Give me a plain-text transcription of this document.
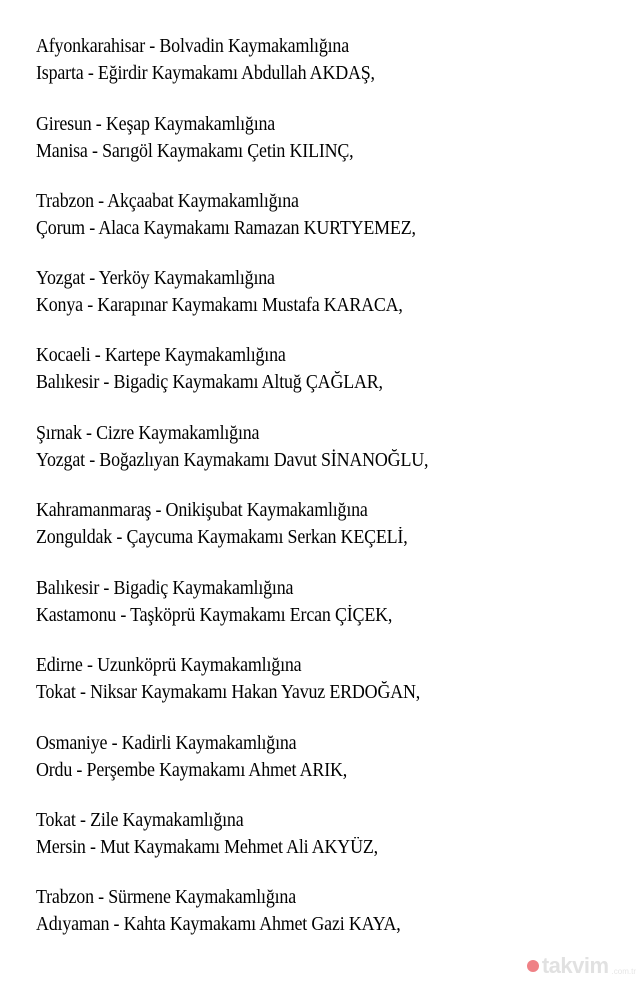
Afyonkarahisar - Bolvadin Kaymakamlığına
Isparta - Eğirdir Kaymakamı Abdullah AKDAŞ,
Giresun - Keşap Kaymakamlığına
Manisa - Sarıgöl Kaymakamı Çetin KILINÇ,
Trabzon - Akçaabat Kaymakamlığına
Çorum - Alaca Kaymakamı Ramazan KURTYEMEZ,
Yozgat - Yerköy Kaymakamlığına
Konya - Karapınar Kaymakamı Mustafa KARACA,
Kocaeli - Kartepe Kaymakamlığına
Balıkesir - Bigadiç Kaymakamı Altuğ ÇAĞLAR,
Şırnak - Cizre Kaymakamlığına
Yozgat - Boğazlıyan Kaymakamı Davut SİNANOĞLU,
Kahramanmaraş - Onikişubat Kaymakamlığına
Zonguldak - Çaycuma Kaymakamı Serkan KEÇELİ,
Balıkesir - Bigadiç Kaymakamlığına
Kastamonu - Taşköprü Kaymakamı Ercan ÇİÇEK,
Edirne - Uzunköprü Kaymakamlığına
Tokat - Niksar Kaymakamı Hakan Yavuz ERDOĞAN,
Osmaniye - Kadirli Kaymakamlığına
Ordu - Perşembe Kaymakamı Ahmet ARIK,
Tokat - Zile Kaymakamlığına
Mersin - Mut Kaymakamı Mehmet Ali AKYÜZ,
Trabzon - Sürmene Kaymakamlığına
Adıyaman - Kahta Kaymakamı Ahmet Gazi KAYA,
takvim .com.tr
